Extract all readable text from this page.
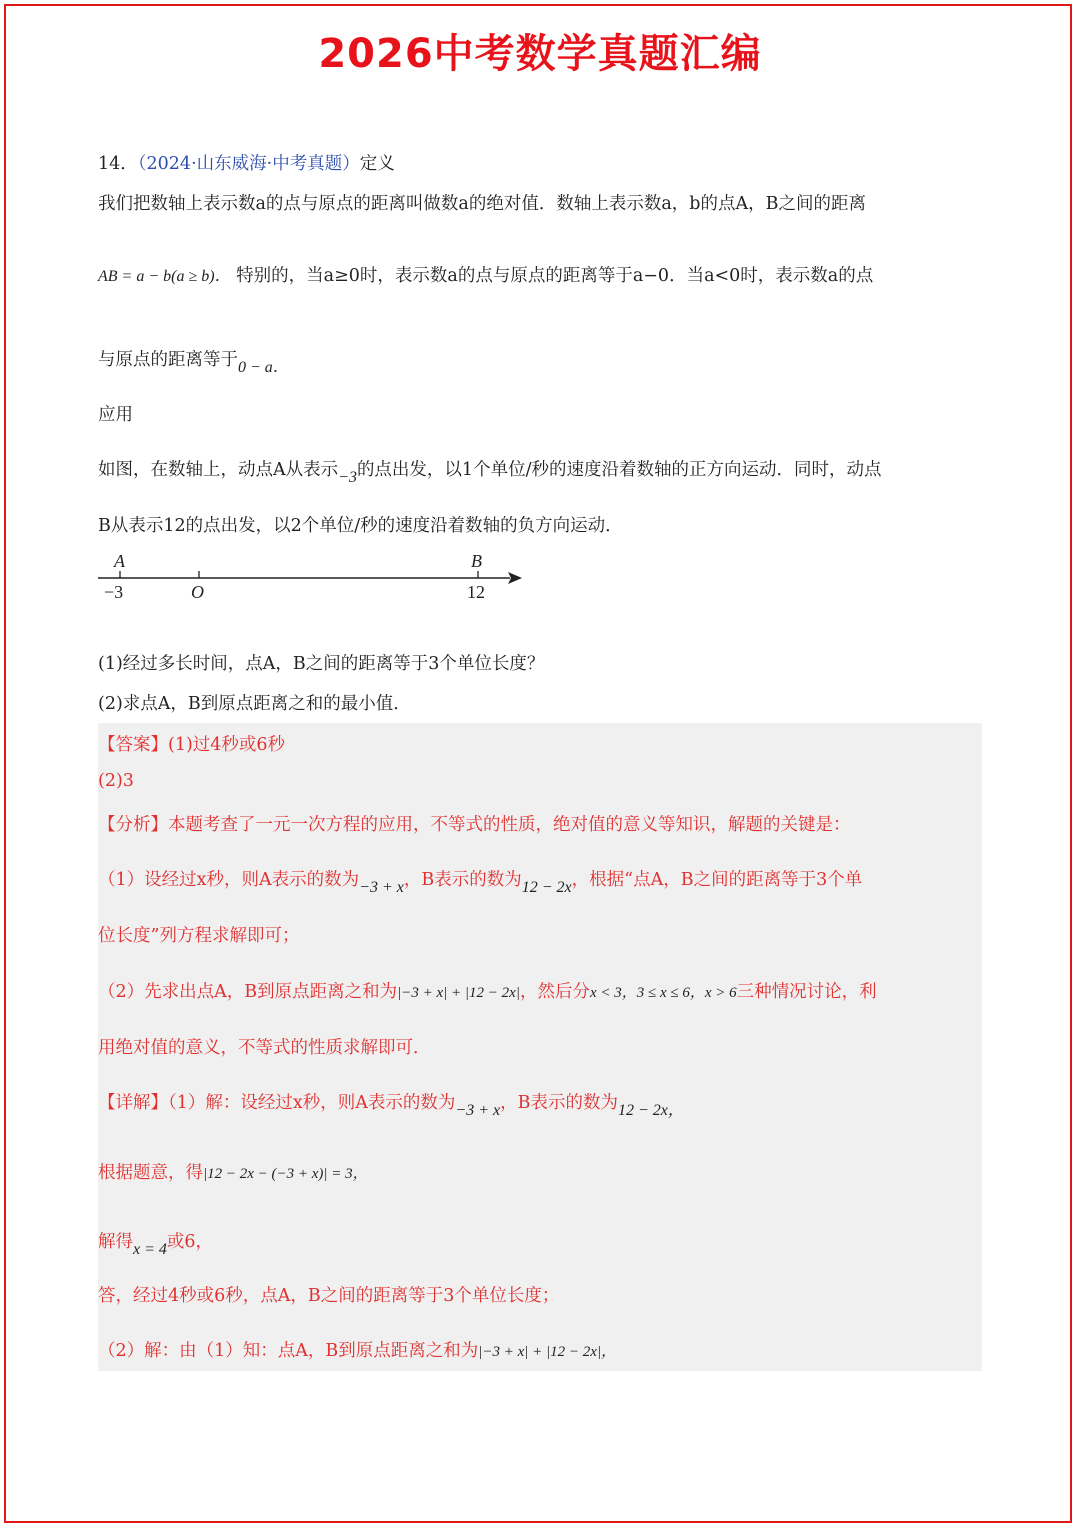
2026中考数学真题汇编
14．（2024·山东威海·中考真题）定义
我们把数轴上表示数a的点与原点的距离叫做数a的绝对值．数轴上表示数a，b的点A，B之间的距离
AB = a − b(a ≥ b)． 特别的，当a≥0时，表示数a的点与原点的距离等于a−0．当a<0时，表示数a的点
与原点的距离等于0 − a．
应用
如图，在数轴上，动点A从表示−3的点出发，以1个单位/秒的速度沿着数轴的正方向运动．同时，动点
B从表示12的点出发，以2个单位/秒的速度沿着数轴的负方向运动．
A	B
−3	O	12
(1)经过多长时间，点A，B之间的距离等于3个单位长度？
(2)求点A，B到原点距离之和的最小值．
【答案】(1)过4秒或6秒
(2)3
【分析】本题考查了一元一次方程的应用，不等式的性质，绝对值的意义等知识，解题的关键是：
（1）设经过x秒，则A表示的数为−3 + x，B表示的数为12 − 2x，根据“点A，B之间的距离等于3个单
位长度”列方程求解即可；
（2）先求出点A，B到原点距离之和为|−3 + x| + |12 − 2x|，然后分x < 3，3 ≤ x ≤ 6，x > 6三种情况讨论，利
用绝对值的意义，不等式的性质求解即可．
【详解】（1）解：设经过x秒，则A表示的数为−3 + x，B表示的数为12 − 2x，
根据题意，得|12 − 2x − (−3 + x)| = 3，
解得x = 4或6，
答，经过4秒或6秒，点A，B之间的距离等于3个单位长度；
（2）解：由（1）知：点A，B到原点距离之和为|−3 + x| + |12 − 2x|，
